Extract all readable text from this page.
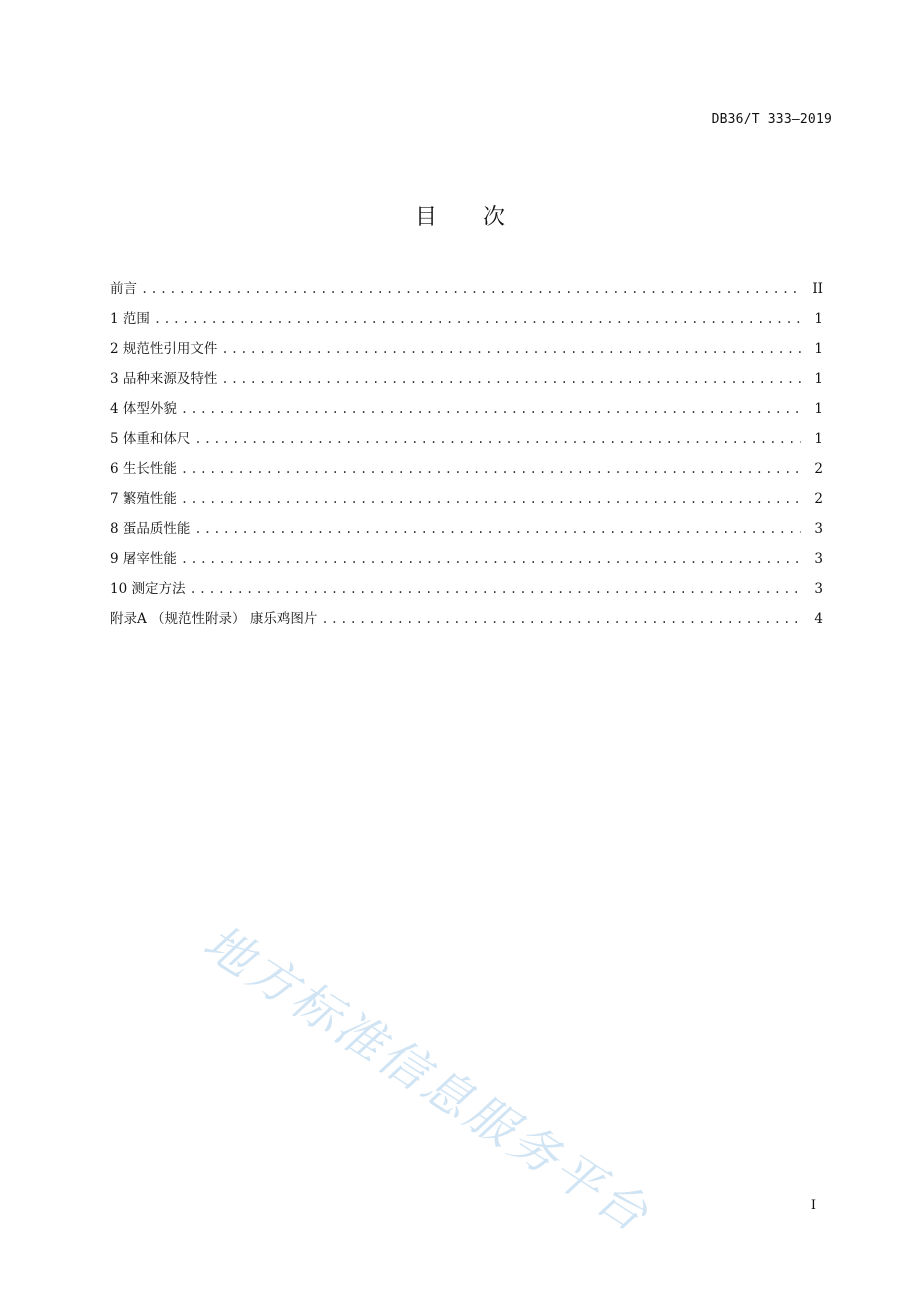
DB36/T 333—2019
目次
前言 .....	II
1 范围 .....	1
2 规范性引用文件 .....	1
3 品种来源及特性 .....	1
4 体型外貌 .....	1
5 体重和体尺 .....	1
6 生长性能 .....	2
7 繁殖性能 .....	2
8 蛋品质性能 .....	3
9 屠宰性能 .....	3
10 测定方法 .....	3
附录A （规范性附录） 康乐鸡图片 .....	4
地方标准信息服务平台	I
